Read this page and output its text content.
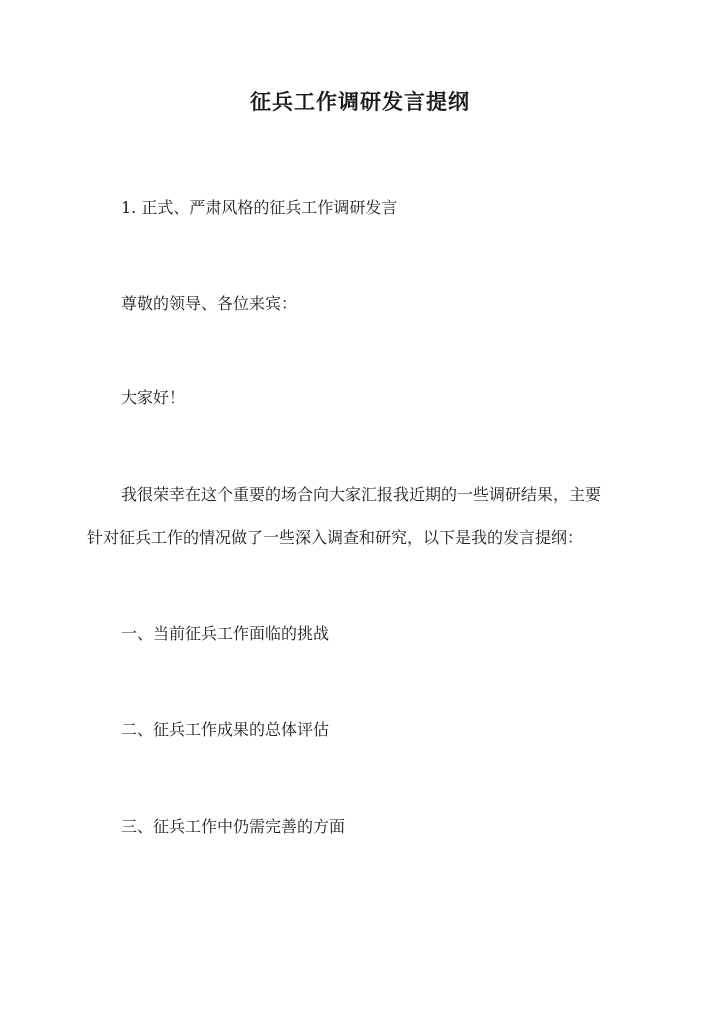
征兵工作调研发言提纲
1. 正式、严肃风格的征兵工作调研发言
尊敬的领导、各位来宾：
大家好！
我很荣幸在这个重要的场合向大家汇报我近期的一些调研结果，主要
针对征兵工作的情况做了一些深入调查和研究，以下是我的发言提纲：
一、当前征兵工作面临的挑战
二、征兵工作成果的总体评估
三、征兵工作中仍需完善的方面
